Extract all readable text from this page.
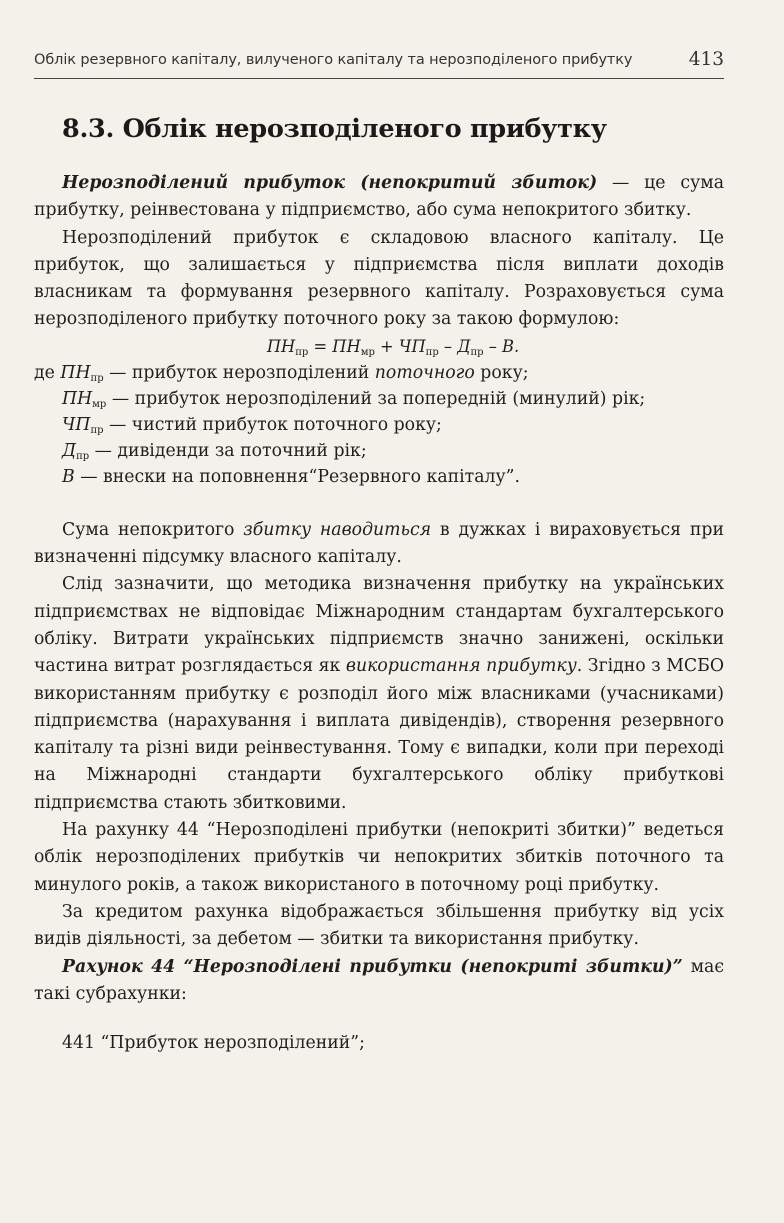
Облік резервного капіталу, вилученого капіталу та нерозподіленого прибутку	413
8.3. Облік нерозподіленого прибутку

Нерозподілений прибуток (непокритий збиток) — це сума прибутку, реінвестована у підприємство, або сума непокритого збитку.

Нерозподілений прибуток є складовою власного капіталу. Це прибуток, що залишається у підприємства після виплати доходів власникам та формування резервного капіталу. Розраховується сума нерозподіленого прибутку поточного року за такою формулою:

$ПН_{пр} = ПН_{мр} + ЧП_{пр} - Д_{пр} - В$.
де $ПН_{пр}$ — прибуток нерозподілений поточного року;
$ПН_{мр}$ — прибуток нерозподілений за попередній (минулий) рік;
$ЧП_{пр}$ — чистий прибуток поточного року;
$Д_{пр}$ — дивіденди за поточний рік;
В — внески на поповнення“Резервного капіталу”.

Сума непокритого збитку наводиться в дужках і вираховується при визначенні підсумку власного капіталу.

Слід зазначити, що методика визначення прибутку на українських підприємствах не відповідає Міжнародним стандартам бухгалтерського обліку. Витрати українських підприємств значно занижені, оскільки частина витрат розглядається як використання прибутку. Згідно з МСБО використанням прибутку є розподіл його між власниками (учасниками) підприємства (нарахування і виплата дивідендів), створення резервного капіталу та різні види реінвестування. Тому є випадки, коли при переході на Міжнародні стандарти бухгалтерського обліку прибуткові підприємства стають збитковими.

На рахунку 44 “Нерозподілені прибутки (непокриті збитки)” ведеться облік нерозподілених прибутків чи непокритих збитків поточного та минулого років, а також використаного в поточному році прибутку.

За кредитом рахунка відображається збільшення прибутку від усіх видів діяльності, за дебетом — збитки та використання прибутку.

Рахунок 44 “Нерозподілені прибутки (непокриті збитки)” має такі субрахунки:

441 “Прибуток нерозподілений”;
